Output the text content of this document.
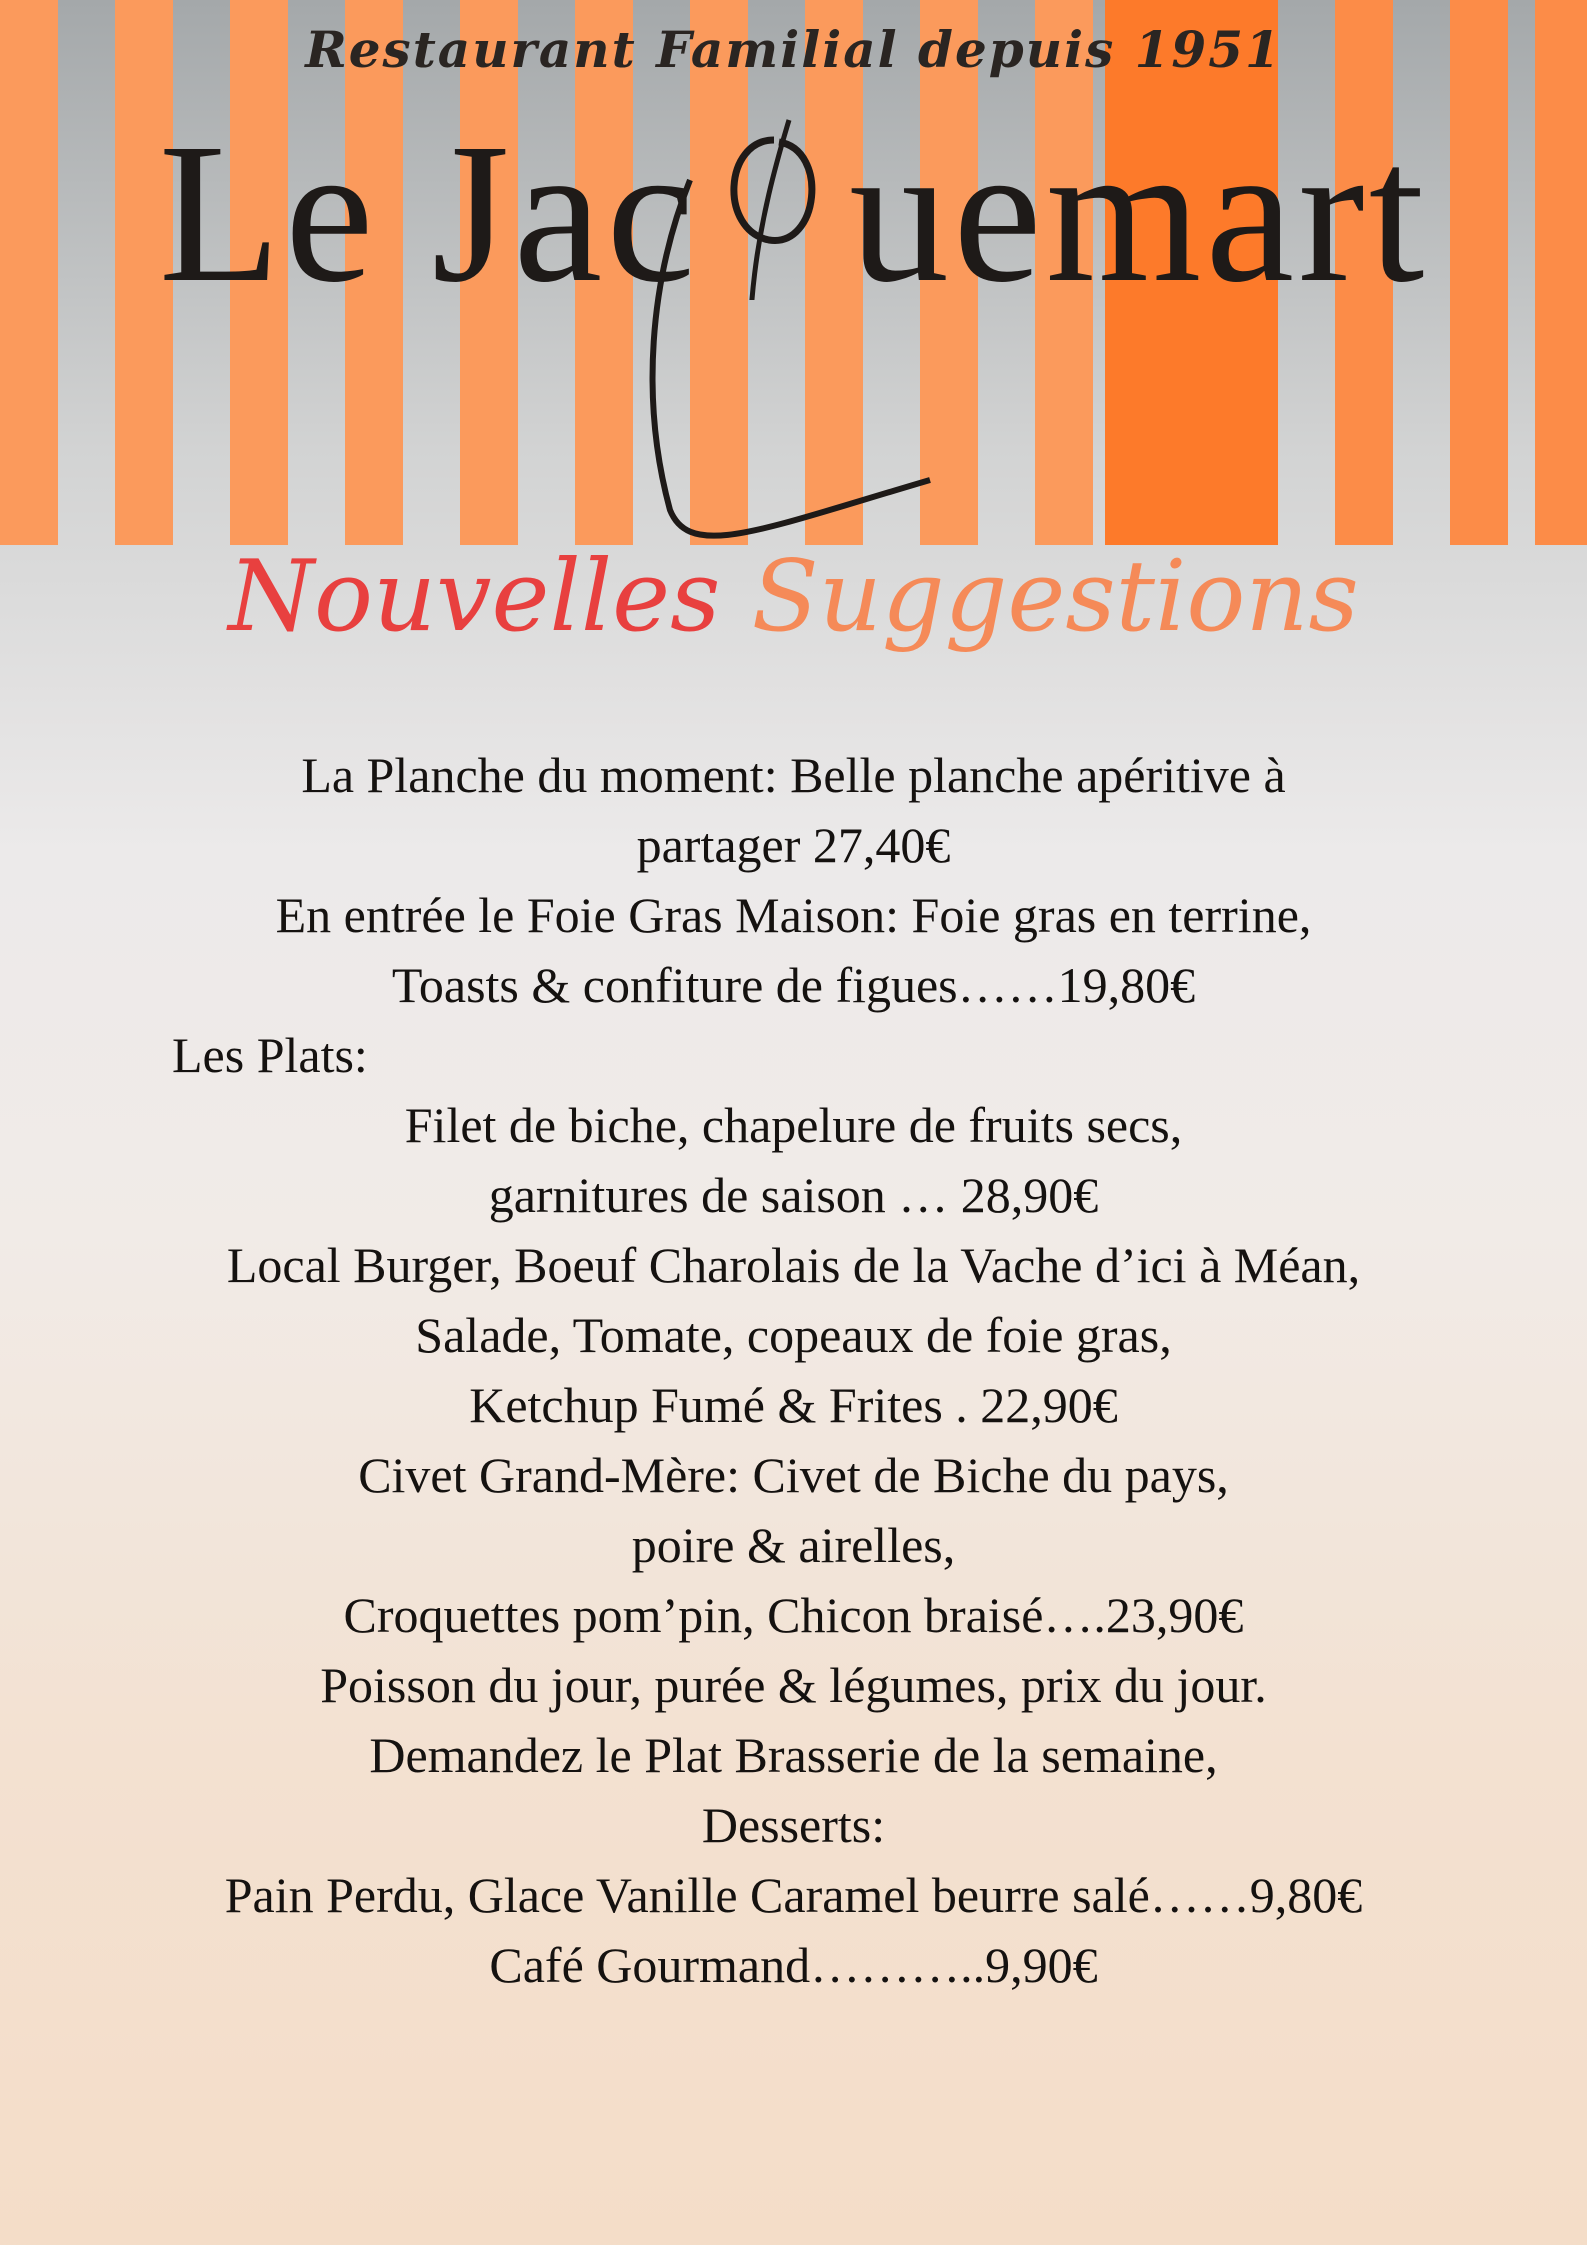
Restaurant Familial depuis 1951
Le Jac uemart
Nouvelles Suggestions
La Planche du moment: Belle planche apéritive à
partager 27,40€
En entrée le Foie Gras Maison: Foie gras en terrine,
Toasts & confiture de figues……19,80€
Les Plats:
Filet de biche, chapelure de fruits secs,
garnitures de saison … 28,90€
Local Burger, Boeuf Charolais de la Vache d’ici à Méan,
Salade, Tomate, copeaux de foie gras,
Ketchup Fumé & Frites . 22,90€
Civet Grand-Mère: Civet de Biche du pays,
poire & airelles,
Croquettes pom’pin, Chicon braisé….23,90€
Poisson du jour, purée & légumes, prix du jour.
Demandez le Plat Brasserie de la semaine,
Desserts:
Pain Perdu, Glace Vanille Caramel beurre salé……9,80€
Café Gourmand………..9,90€
